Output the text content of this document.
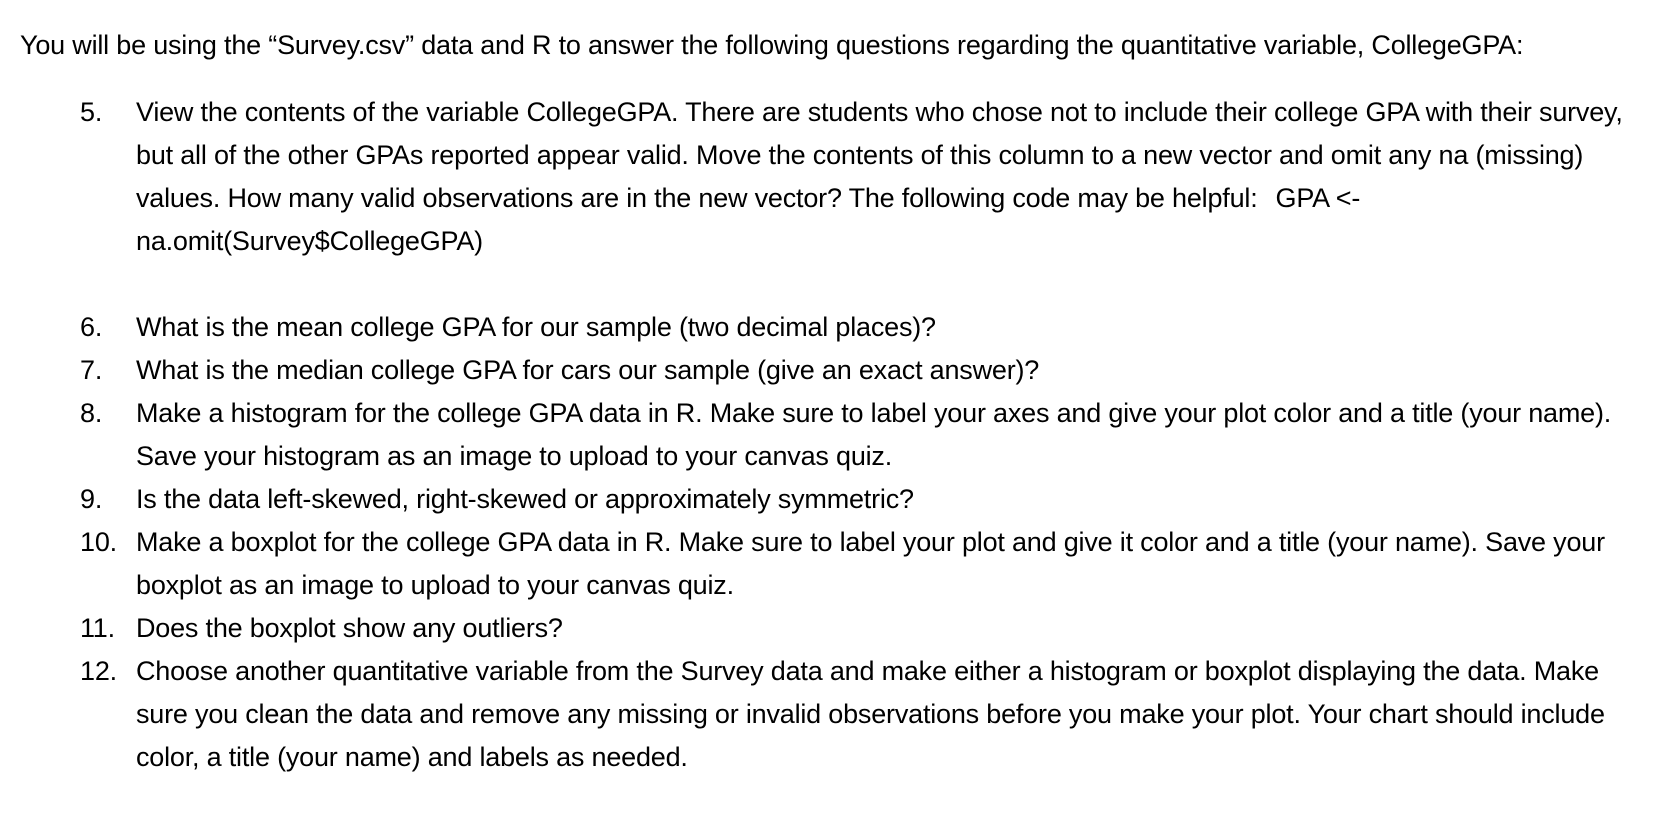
You will be using the “Survey.csv” data and R to answer the following questions regarding the quantitative variable, CollegeGPA:

5.	View the contents of the variable CollegeGPA. There are students who chose not to include their college GPA with their survey, but all of the other GPAs reported appear valid. Move the contents of this column to a new vector and omit any na (missing) values. How many valid observations are in the new vector? The following code may be helpful: GPA <-na.omit(Survey$CollegeGPA)
6.	What is the mean college GPA for our sample (two decimal places)?
7.	What is the median college GPA for cars our sample (give an exact answer)?
8.	Make a histogram for the college GPA data in R. Make sure to label your axes and give your plot color and a title (your name). Save your histogram as an image to upload to your canvas quiz.
9.	Is the data left-skewed, right-skewed or approximately symmetric?
10. Make a boxplot for the college GPA data in R. Make sure to label your plot and give it color and a title (your name). Save your boxplot as an image to upload to your canvas quiz.
11. Does the boxplot show any outliers?
12. Choose another quantitative variable from the Survey data and make either a histogram or boxplot displaying the data. Make sure you clean the data and remove any missing or invalid observations before you make your plot. Your chart should include color, a title (your name) and labels as needed.
